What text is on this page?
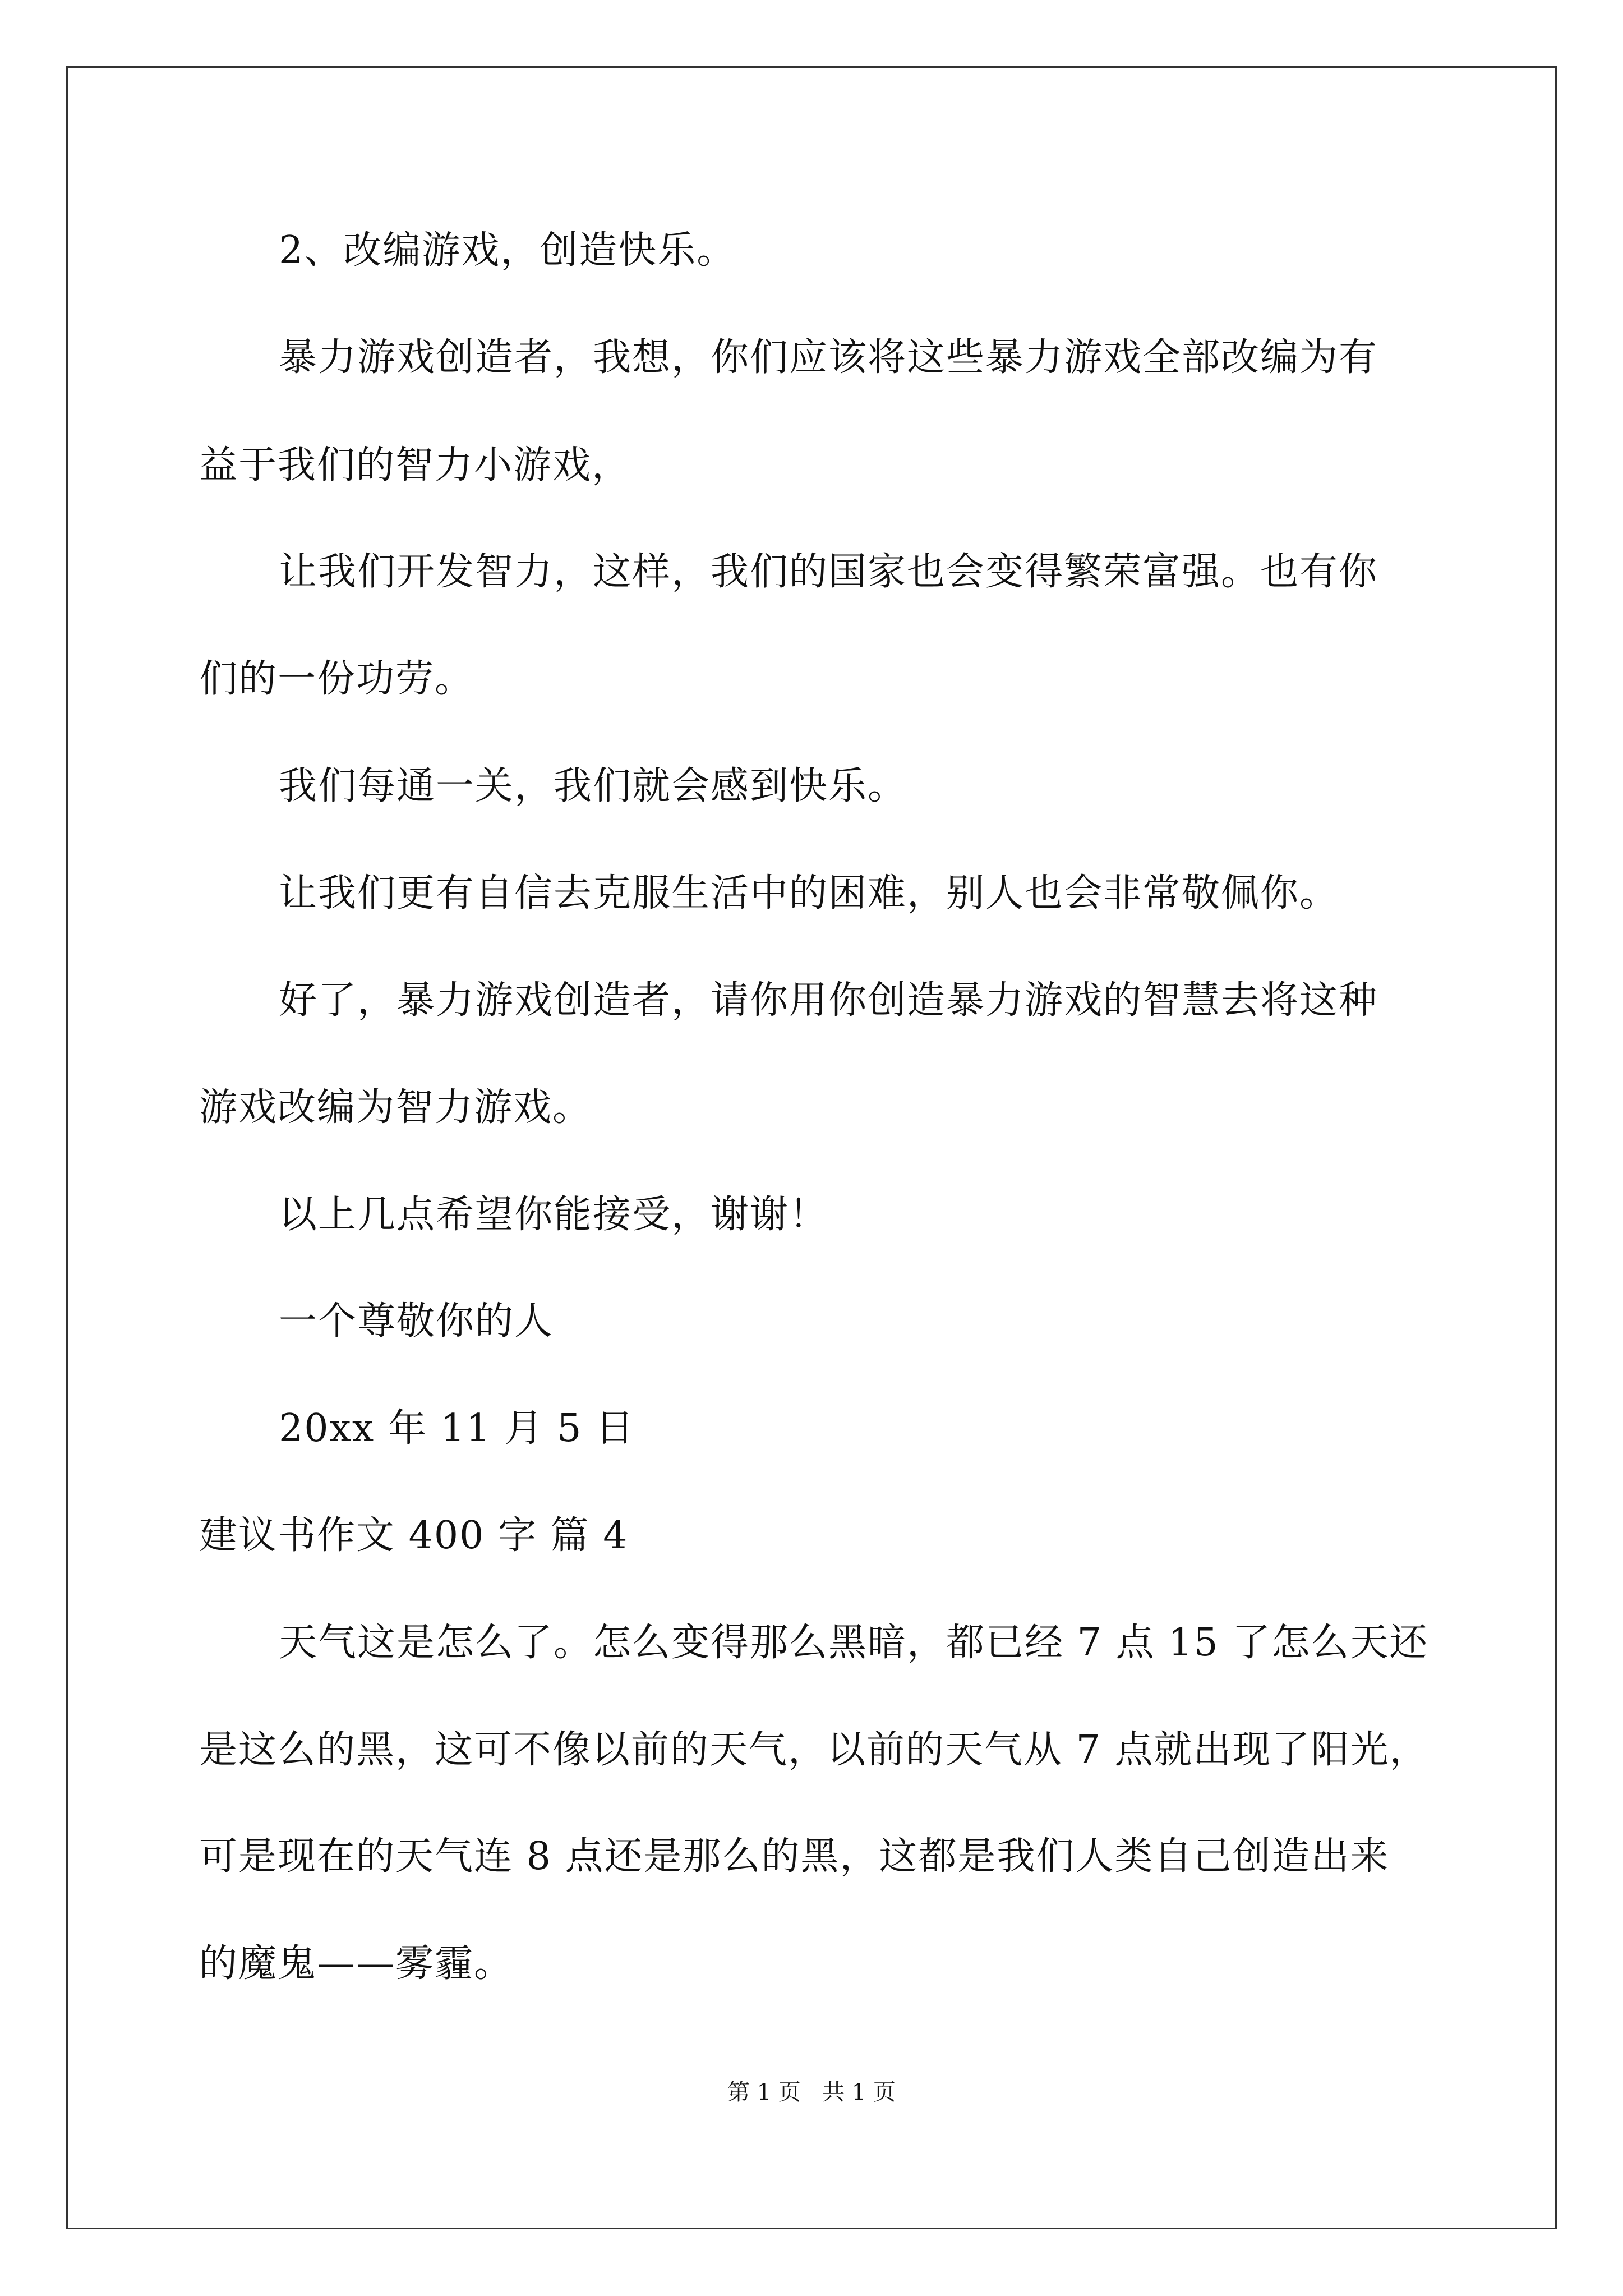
2、改编游戏，创造快乐。
暴力游戏创造者，我想，你们应该将这些暴力游戏全部改编为有
益于我们的智力小游戏，
让我们开发智力，这样，我们的国家也会变得繁荣富强。也有你
们的一份功劳。
我们每通一关，我们就会感到快乐。
让我们更有自信去克服生活中的困难，别人也会非常敬佩你。
好了，暴力游戏创造者，请你用你创造暴力游戏的智慧去将这种
游戏改编为智力游戏。
以上几点希望你能接受，谢谢！
一个尊敬你的人
20xx 年 11 月 5 日
建议书作文 400 字 篇 4
天气这是怎么了。怎么变得那么黑暗，都已经 7 点 15 了怎么天还
是这么的黑，这可不像以前的天气，以前的天气从 7 点就出现了阳光，
可是现在的天气连 8 点还是那么的黑，这都是我们人类自己创造出来
的魔鬼——雾霾。
第 1 页   共 1 页
